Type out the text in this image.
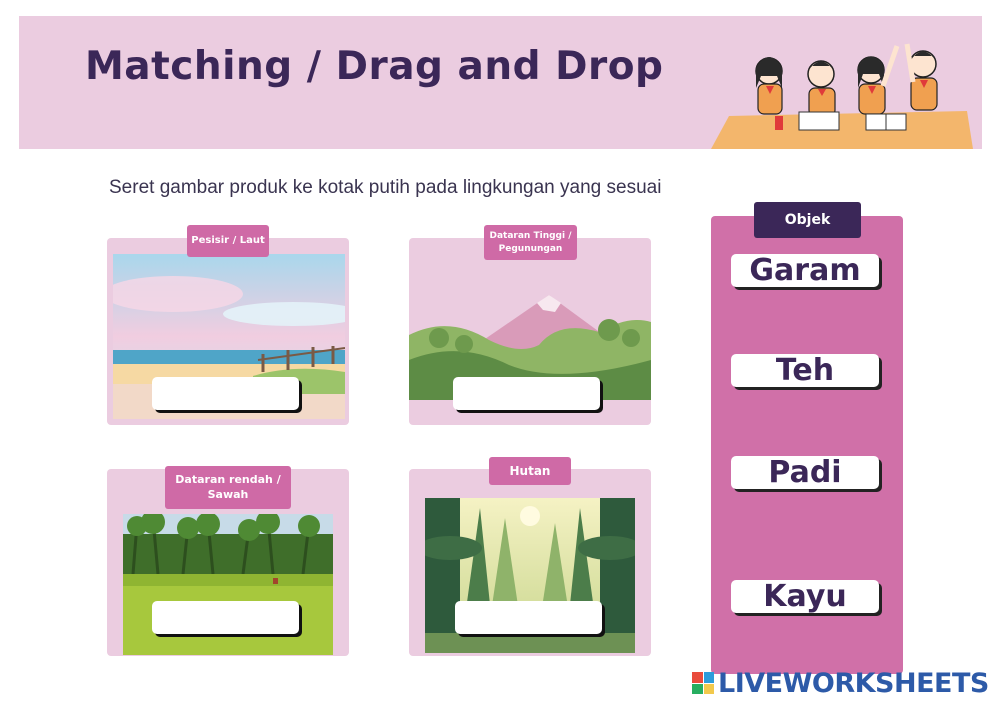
Matching / Drag and Drop
Seret gambar produk ke kotak putih pada lingkungan yang sesuai
Pesisir / Laut	Dataran Tinggi /
Pegunungan
Dataran rendah /
Sawah
Hutan
Objek
Garam
Teh
Padi
Kayu
LIVEWORKSHEETS
